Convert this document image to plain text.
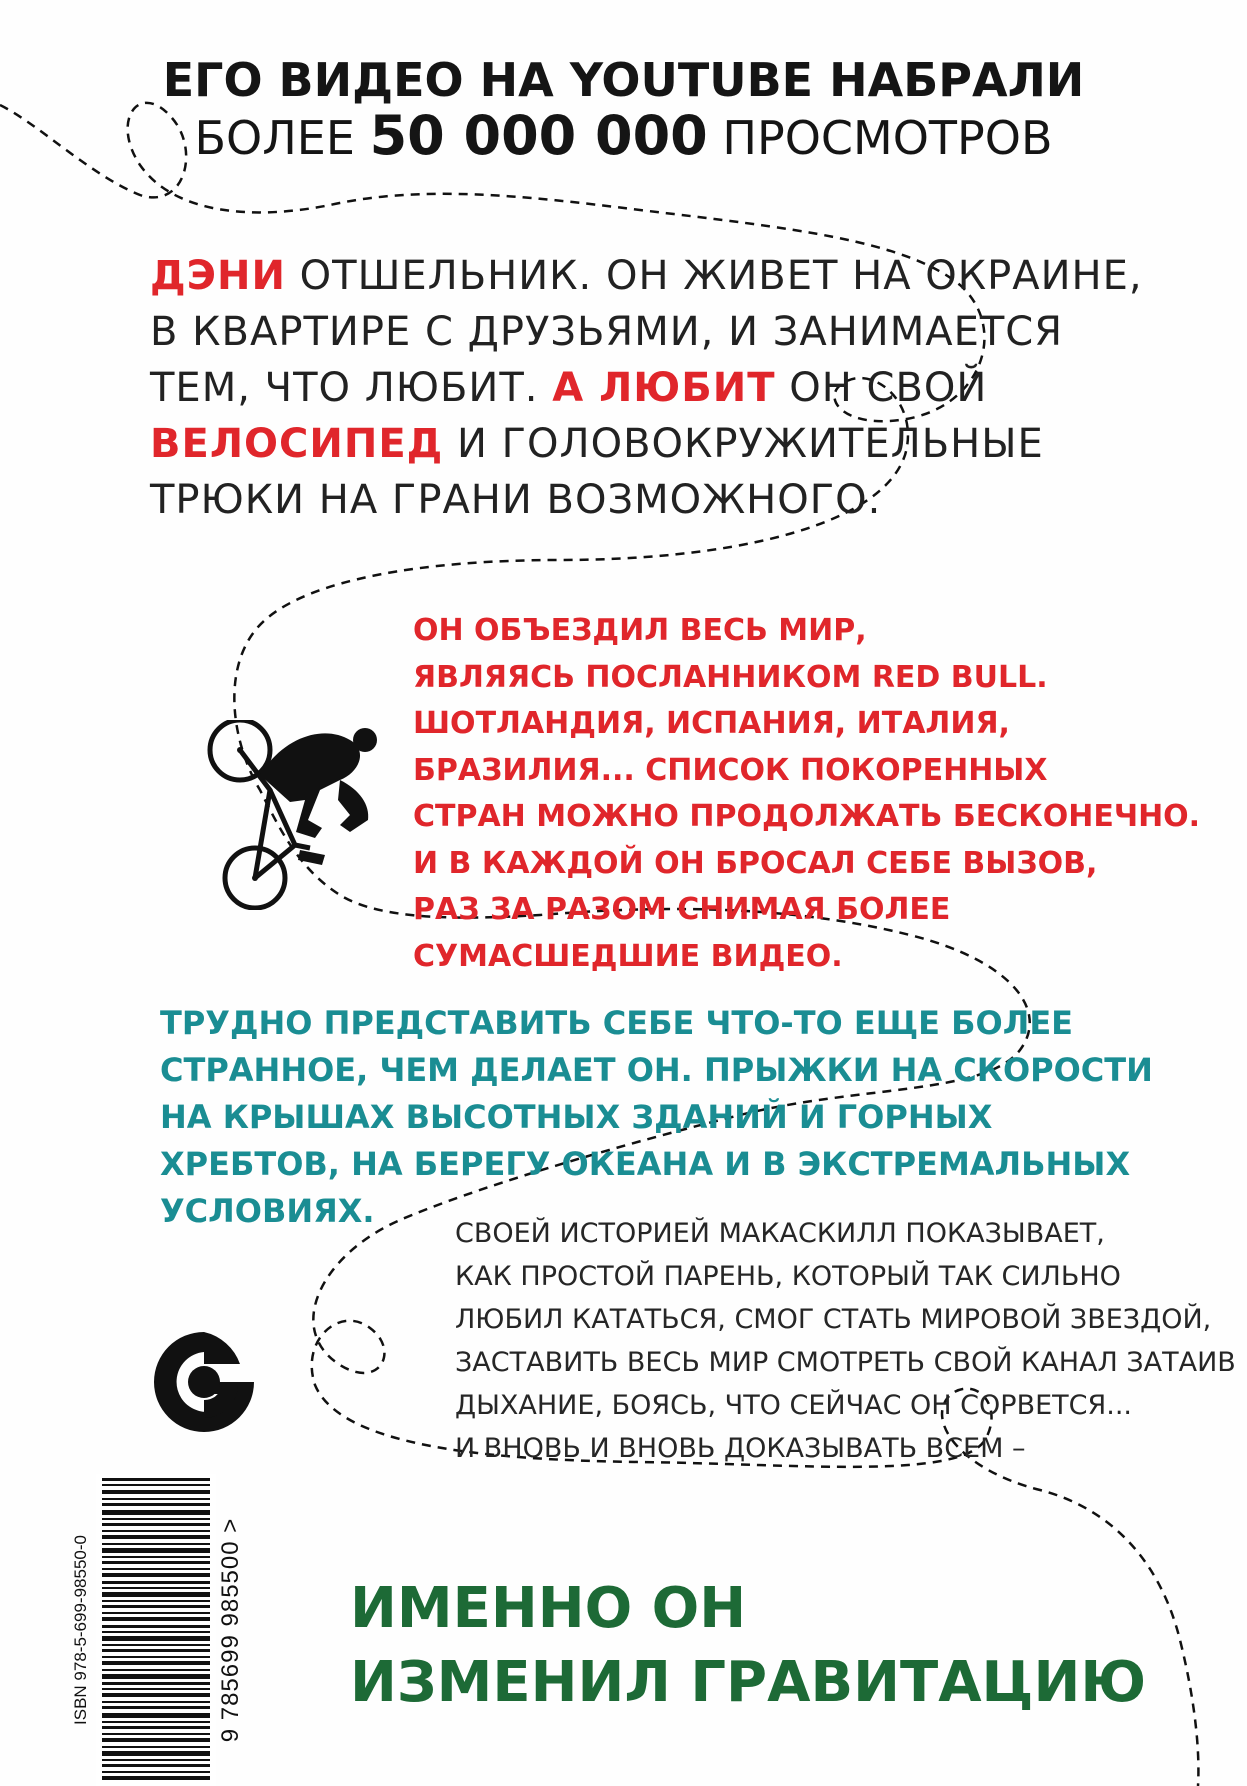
ЕГО ВИДЕО НА YOUTUBE НАБРАЛИ
БОЛЕЕ 50 000 000 ПРОСМОТРОВ

ДЭНИ ОТШЕЛЬНИК. ОН ЖИВЕТ НА ОКРАИНЕ,
В КВАРТИРЕ С ДРУЗЬЯМИ, И ЗАНИМАЕТСЯ
ТЕМ, ЧТО ЛЮБИТ. А ЛЮБИТ ОН СВОЙ
ВЕЛОСИПЕД И ГОЛОВОКРУЖИТЕЛЬНЫЕ
ТРЮКИ НА ГРАНИ ВОЗМОЖНОГО.

ОН ОБЪЕЗДИЛ ВЕСЬ МИР,
ЯВЛЯЯСЬ ПОСЛАННИКОМ RED BULL.
ШОТЛАНДИЯ, ИСПАНИЯ, ИТАЛИЯ,
БРАЗИЛИЯ... СПИСОК ПОКОРЕННЫХ
СТРАН МОЖНО ПРОДОЛЖАТЬ БЕСКОНЕЧНО.
И В КАЖДОЙ ОН БРОСАЛ СЕБЕ ВЫЗОВ,
РАЗ ЗА РАЗОМ СНИМАЯ БОЛЕЕ
СУМАСШЕДШИЕ ВИДЕО.

ТРУДНО ПРЕДСТАВИТЬ СЕБЕ ЧТО-ТО ЕЩЕ БОЛЕЕ
СТРАННОЕ, ЧЕМ ДЕЛАЕТ ОН. ПРЫЖКИ НА СКОРОСТИ
НА КРЫШАХ ВЫСОТНЫХ ЗДАНИЙ И ГОРНЫХ
ХРЕБТОВ, НА БЕРЕГУ ОКЕАНА И В ЭКСТРЕМАЛЬНЫХ
УСЛОВИЯХ.

СВОЕЙ ИСТОРИЕЙ МАКАСКИЛЛ ПОКАЗЫВАЕТ,
КАК ПРОСТОЙ ПАРЕНЬ, КОТОРЫЙ ТАК СИЛЬНО
ЛЮБИЛ КАТАТЬСЯ, СМОГ СТАТЬ МИРОВОЙ ЗВЕЗДОЙ,
ЗАСТАВИТЬ ВЕСЬ МИР СМОТРЕТЬ СВОЙ КАНАЛ ЗАТАИВ
ДЫХАНИЕ, БОЯСЬ, ЧТО СЕЙЧАС ОН СОРВЕТСЯ...
И ВНОВЬ И ВНОВЬ ДОКАЗЫВАТЬ ВСЕМ –

ISBN 978-5-699-98550-0	9 785699 985500 > ИМЕННО ОН
ИЗМЕНИЛ ГРАВИТАЦИЮ
